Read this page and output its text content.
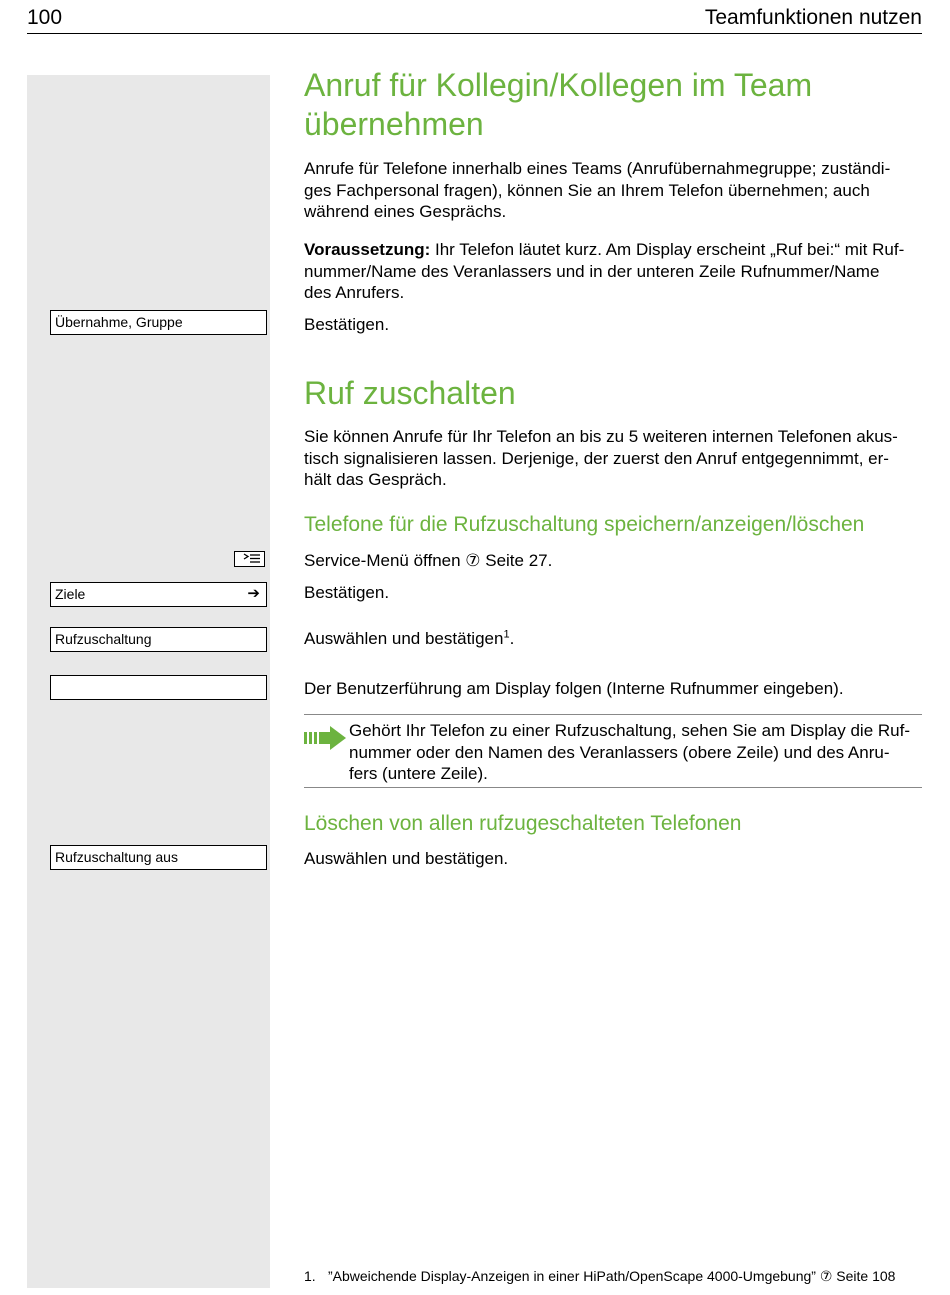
100	Teamfunktionen nutzen
Übernahme, Gruppe
Ziele	➔
Rufzuschaltung
Rufzuschaltung aus
Anruf für Kollegin/Kollegen im Team
übernehmen
Anrufe für Telefone innerhalb eines Teams (Anrufübernahmegruppe; zuständi-
ges Fachpersonal fragen), können Sie an Ihrem Telefon übernehmen; auch
während eines Gesprächs.
Voraussetzung: Ihr Telefon läutet kurz. Am Display erscheint „Ruf bei:“ mit Ruf-
nummer/Name des Veranlassers und in der unteren Zeile Rufnummer/Name
des Anrufers.
Bestätigen.
Ruf zuschalten
Sie können Anrufe für Ihr Telefon an bis zu 5 weiteren internen Telefonen akus-
tisch signalisieren lassen. Derjenige, der zuerst den Anruf entgegennimmt, er-
hält das Gespräch.
Telefone für die Rufzuschaltung speichern/anzeigen/löschen
Service-Menü öffnen ⑦ Seite 27.
Bestätigen.
Auswählen und bestätigen$^1$.
Der Benutzerführung am Display folgen (Interne Rufnummer eingeben).
Gehört Ihr Telefon zu einer Rufzuschaltung, sehen Sie am Display die Ruf-
nummer oder den Namen des Veranlassers (obere Zeile) und des Anru-
fers (untere Zeile).
Löschen von allen rufzugeschalteten Telefonen
Auswählen und bestätigen.
1. ”Abweichende Display-Anzeigen in einer HiPath/OpenScape 4000-Umgebung” ⑦ Seite 108
